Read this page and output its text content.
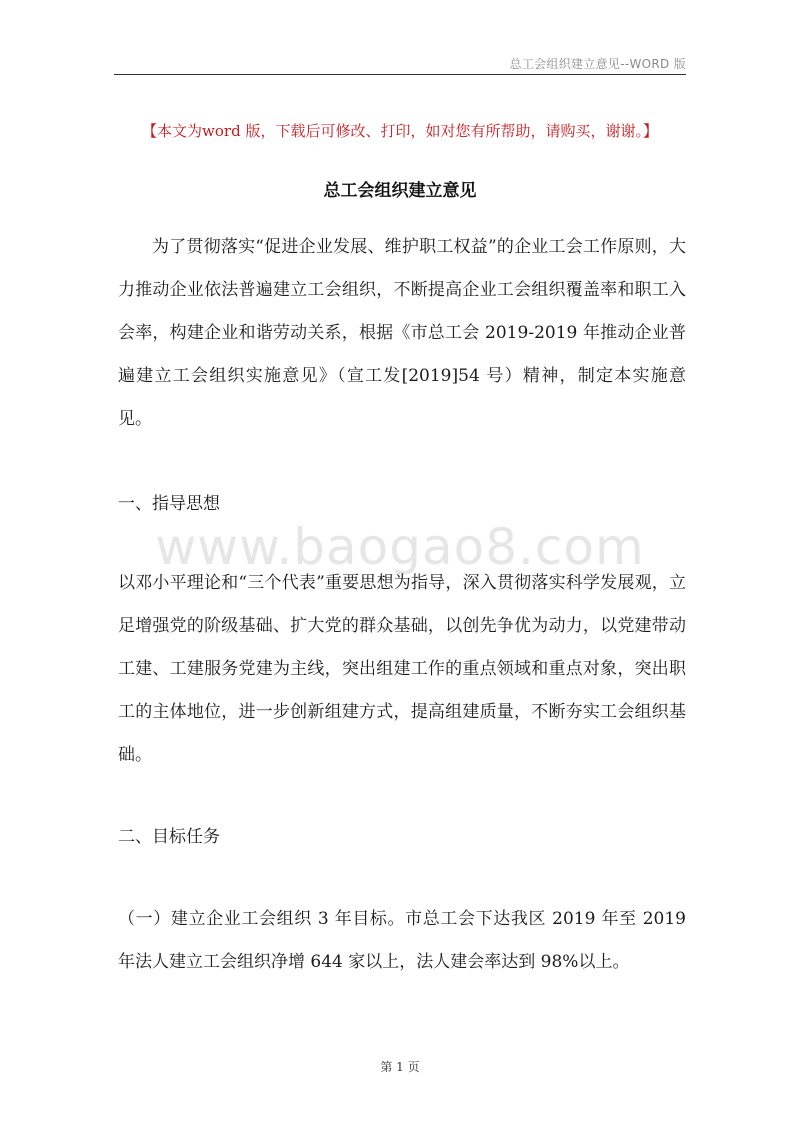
总工会组织建立意见--WORD 版
【本文为word 版，下载后可修改、打印，如对您有所帮助，请购买，谢谢。】
总工会组织建立意见

为了贯彻落实“促进企业发展、维护职工权益”的企业工会工作原则，大力推动企业依法普遍建立工会组织，不断提高企业工会组织覆盖率和职工入会率，构建企业和谐劳动关系，根据《市总工会 2019-2019 年推动企业普遍建立工会组织实施意见》（宣工发[2019]54 号）精神，制定本实施意见。

一、指导思想

www.baogao8.com

以邓小平理论和“三个代表”重要思想为指导，深入贯彻落实科学发展观，立足增强党的阶级基础、扩大党的群众基础，以创先争优为动力，以党建带动工建、工建服务党建为主线，突出组建工作的重点领域和重点对象，突出职工的主体地位，进一步创新组建方式，提高组建质量，不断夯实工会组织基础。

二、目标任务

（一）建立企业工会组织 3 年目标。市总工会下达我区 2019 年至 2019 年法人建立工会组织净增 644 家以上，法人建会率达到 98%以上。

第 1 页
